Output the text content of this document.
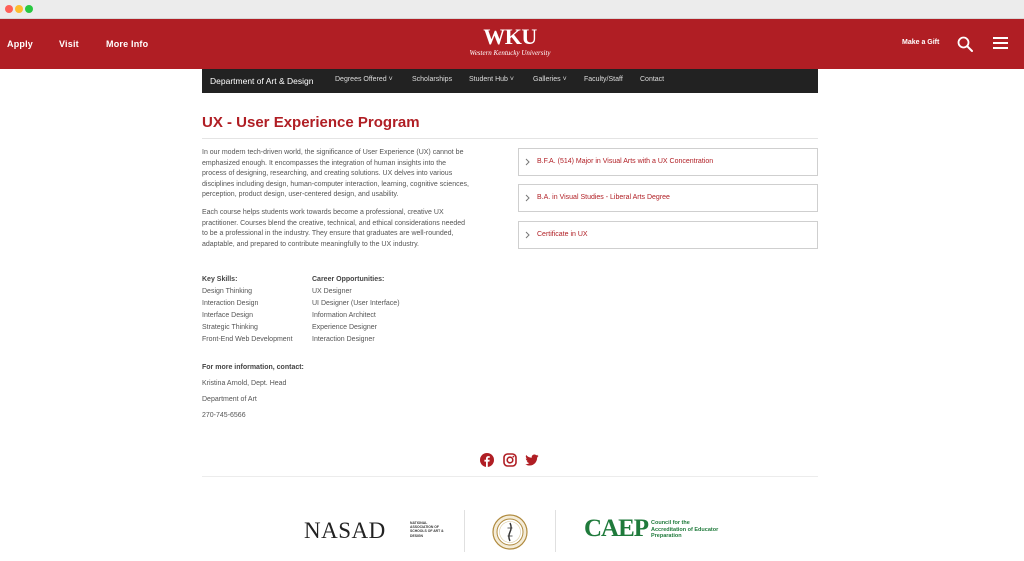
Apply	Visit	More Info	WKU
Western Kentucky University
Make a Gift
Department of Art & Design	Degrees Offered ˅	Scholarships Student Hub ˅	Galleries ˅ Faculty/Staff Contact
UX - User Experience Program
In our modern tech-driven world, the significance of User Experience (UX) cannot be
emphasized enough. It encompasses the integration of human insights into the
process of designing, researching, and creating solutions. UX delves into various
disciplines including design, human-computer interaction, learning, cognitive sciences,
perception, product design, user-centered design, and usability.
Each course helps students work towards become a professional, creative UX
practitioner. Courses blend the creative, technical, and ethical considerations needed
to be a professional in the industry. They ensure that graduates are well-rounded,
adaptable, and prepared to contribute meaningfully to the UX industry.
B.F.A. (514) Major in Visual Arts with a UX Concentration
B.A. in Visual Studies - Liberal Arts Degree
Certificate in UX
Key Skills:
Design Thinking
Interaction Design
Interface Design
Strategic Thinking
Front-End Web Development
Career Opportunities:
UX Designer
UI Designer (User Interface)
Information Architect
Experience Designer
Interaction Designer
For more information, contact:
Kristina Arnold, Dept. Head
Department of Art
270-745-6566
NASAD	NATIONAL ASSOCIATION OF SCHOOLS OF ART & DESIGN	CAEP Council for the Accreditation of Educator Preparation
